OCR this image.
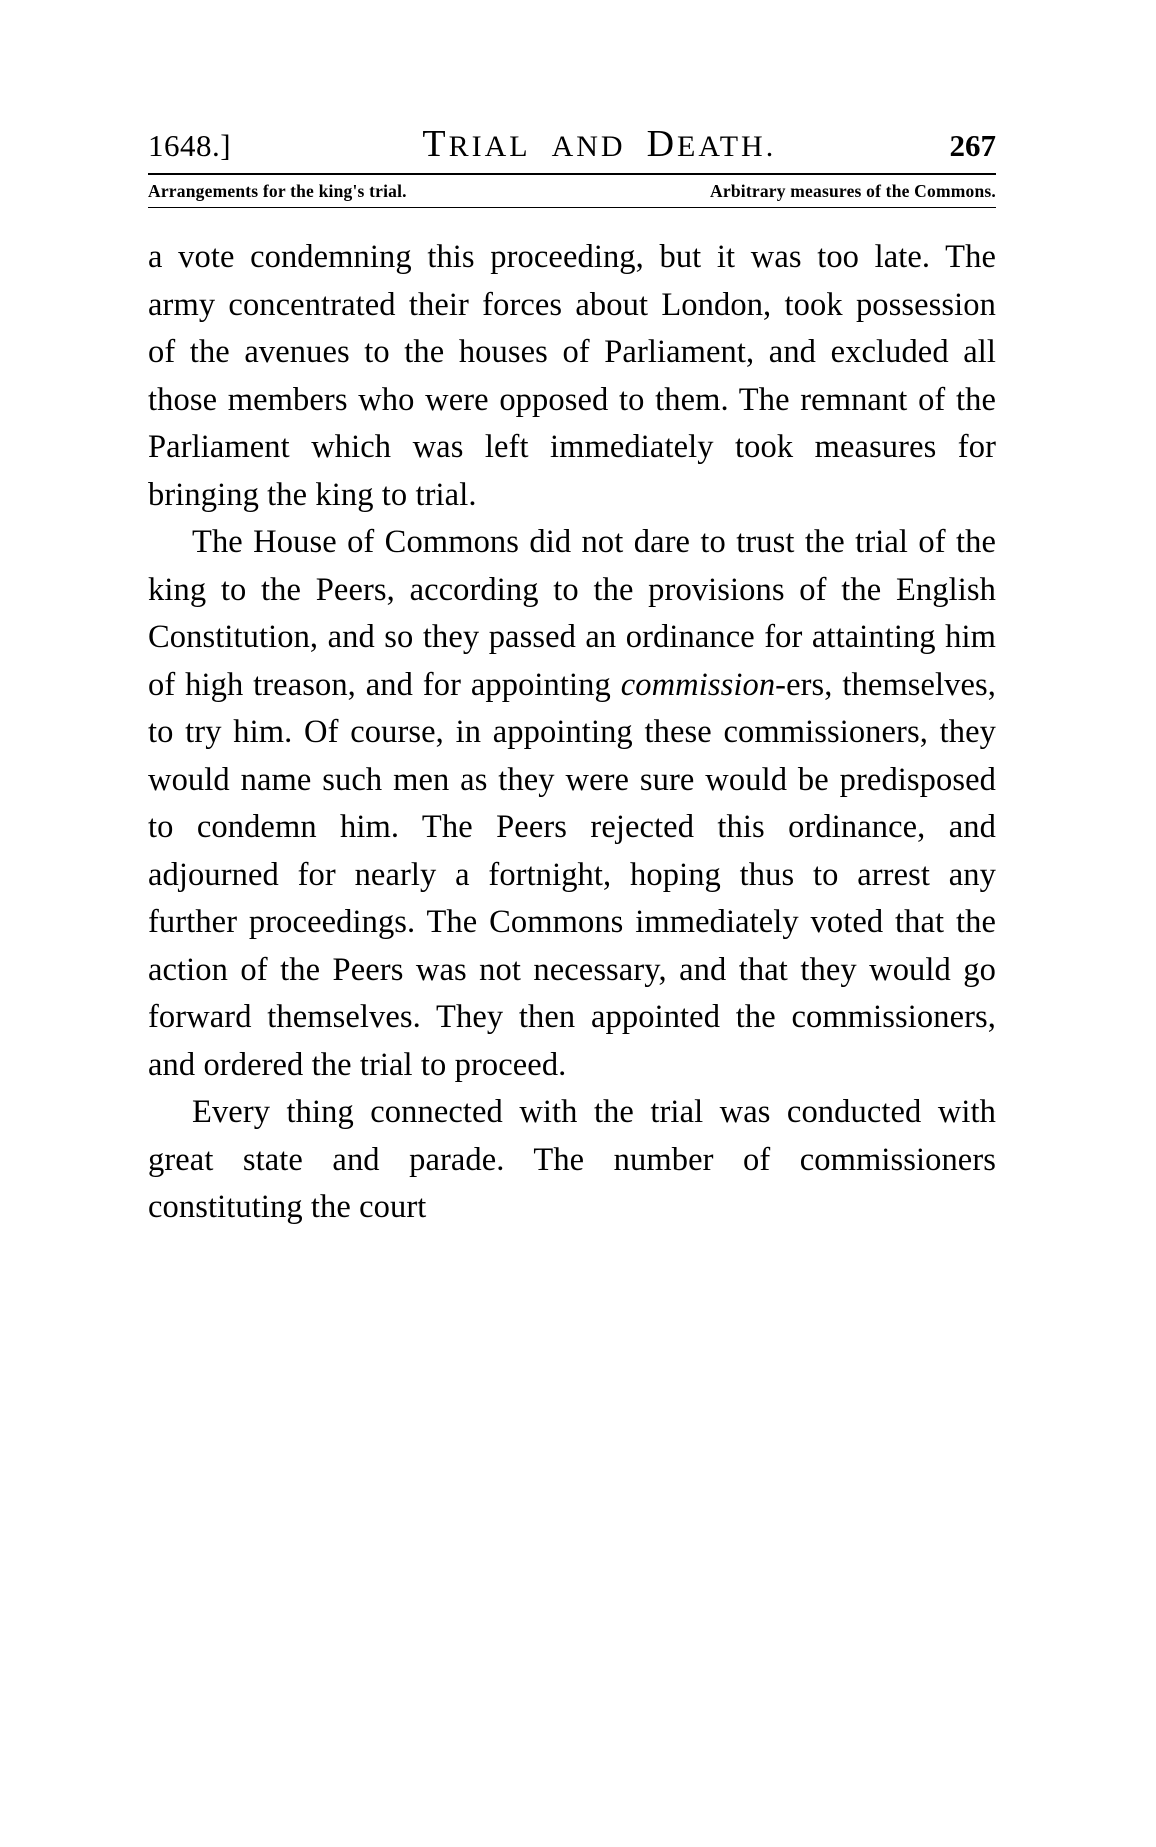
1648.]	TRIAL AND DEATH.	267
Arrangements for the king's trial.	Arbitrary measures of the Commons.

a vote condemning this proceeding, but it was too late. The army concentrated their forces about London, took possession of the avenues to the houses of Parliament, and excluded all those members who were opposed to them. The remnant of the Parliament which was left immediately took measures for bringing the king to trial.

The House of Commons did not dare to trust the trial of the king to the Peers, according to the provisions of the English Constitution, and so they passed an ordinance for attainting him of high treason, and for appointing commission-ers, themselves, to try him. Of course, in appointing these commissioners, they would name such men as they were sure would be predisposed to condemn him. The Peers rejected this ordinance, and adjourned for nearly a fortnight, hoping thus to arrest any further proceedings. The Commons immediately voted that the action of the Peers was not necessary, and that they would go forward themselves. They then appointed the commissioners, and ordered the trial to proceed.

Every thing connected with the trial was conducted with great state and parade. The number of commissioners constituting the court
